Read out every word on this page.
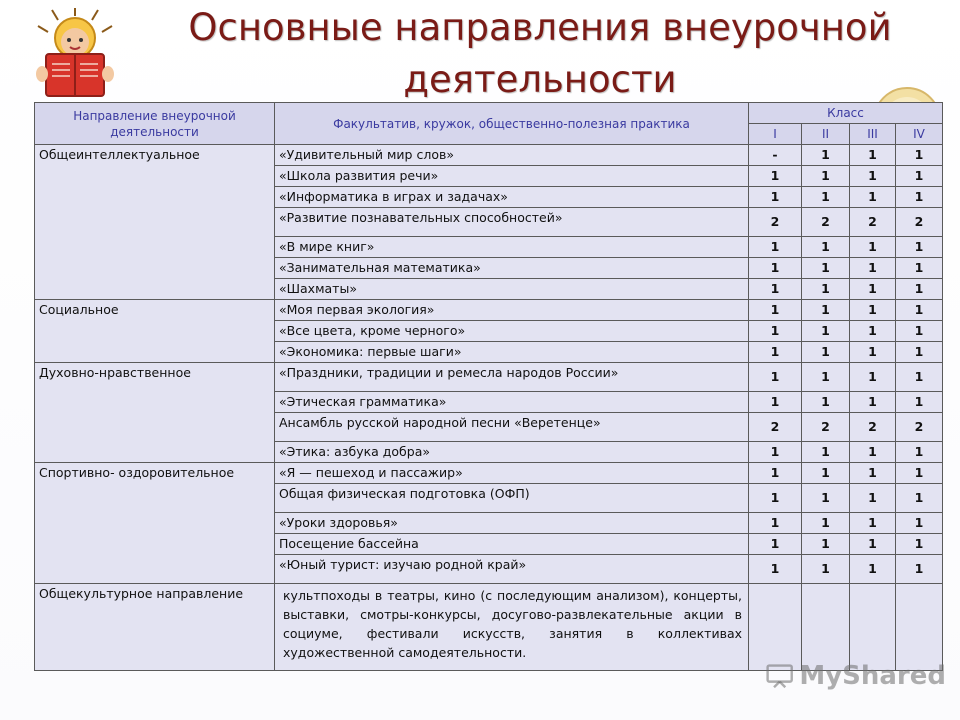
Основные направления внеурочной
деятельности
Направление внеурочной деятельности	Факультатив, кружок, общественно-полезная практика	Класс			
		I	II	III	IV
Общеинтеллектуальное	«Удивительный мир слов»	-	1	1	1
	«Школа развития речи»	1	1	1	1
	«Информатика в играх и задачах»	1	1	1	1
	«Развитие познавательных способностей»	2	2	2	2
	«В мире книг»	1	1	1	1
	«Занимательная математика»	1	1	1	1
	«Шахматы»	1	1	1	1
Социальное	«Моя первая экология»	1	1	1	1
	«Все цвета, кроме черного»	1	1	1	1
	«Экономика: первые шаги»	1	1	1	1
Духовно-нравственное	«Праздники, традиции и ремесла народов России»	1	1	1	1
	«Этическая грамматика»	1	1	1	1
	Ансамбль русской народной песни «Веретенце»	2	2	2	2
	«Этика: азбука добра»	1	1	1	1
Спортивно- оздоровительное	«Я — пешеход и пассажир»	1	1	1	1
	Общая физическая подготовка (ОФП)	1	1	1	1
	«Уроки здоровья»	1	1	1	1
	Посещение бассейна	1	1	1	1
	«Юный турист: изучаю родной край»	1	1	1	1
Общекультурное направление	культпоходы в театры, кино (с последующим анализом), концерты, выставки, смотры-конкурсы, досугово-развлекательные акции в социуме, фестивали искусств, занятия в коллективах художественной самодеятельности.				
MyShared
